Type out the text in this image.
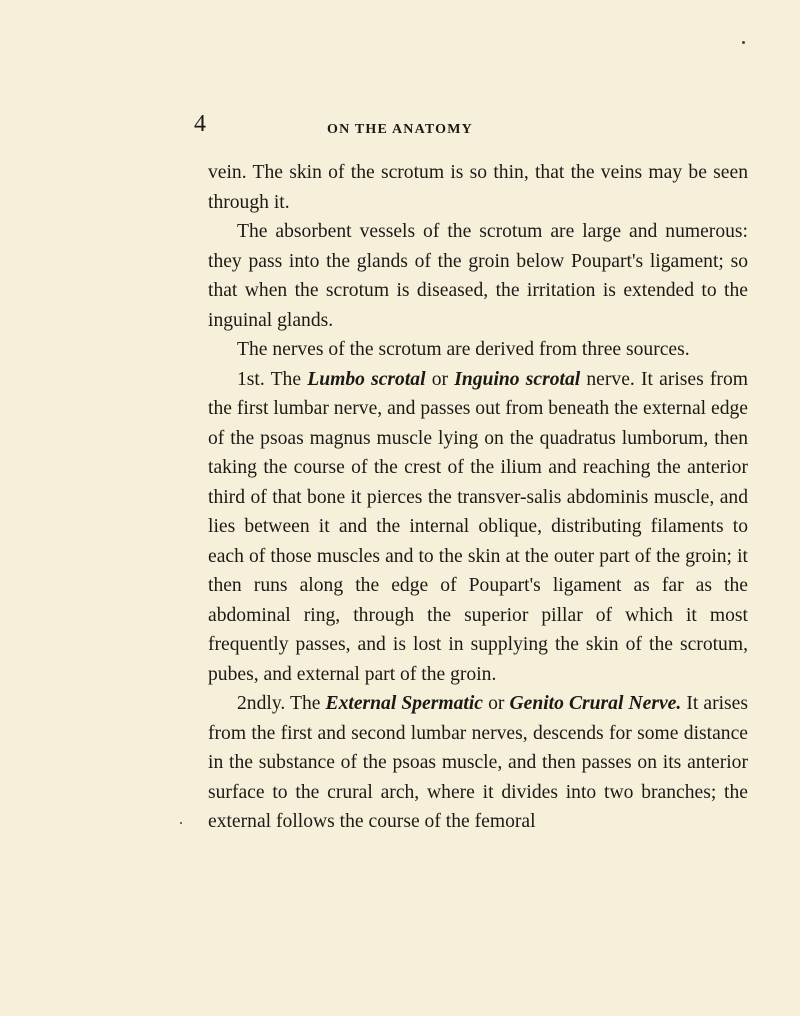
4	ON THE ANATOMY

vein. The skin of the scrotum is so thin, that the veins may be seen through it.

The absorbent vessels of the scrotum are large and numerous: they pass into the glands of the groin below Poupart's ligament; so that when the scrotum is diseased, the irritation is extended to the inguinal glands.

The nerves of the scrotum are derived from three sources.

1st. The Lumbo scrotal or Inguino scrotal nerve. It arises from the first lumbar nerve, and passes out from beneath the external edge of the psoas magnus muscle lying on the quadratus lumborum, then taking the course of the crest of the ilium and reaching the anterior third of that bone it pierces the transver-salis abdominis muscle, and lies between it and the internal oblique, distributing filaments to each of those muscles and to the skin at the outer part of the groin; it then runs along the edge of Poupart's ligament as far as the abdominal ring, through the superior pillar of which it most frequently passes, and is lost in supplying the skin of the scrotum, pubes, and external part of the groin.

2ndly. The External Spermatic or Genito Crural Nerve. It arises from the first and second lumbar nerves, descends for some distance in the substance of the psoas muscle, and then passes on its anterior surface to the crural arch, where it divides into two branches; the external follows the course of the femoral
